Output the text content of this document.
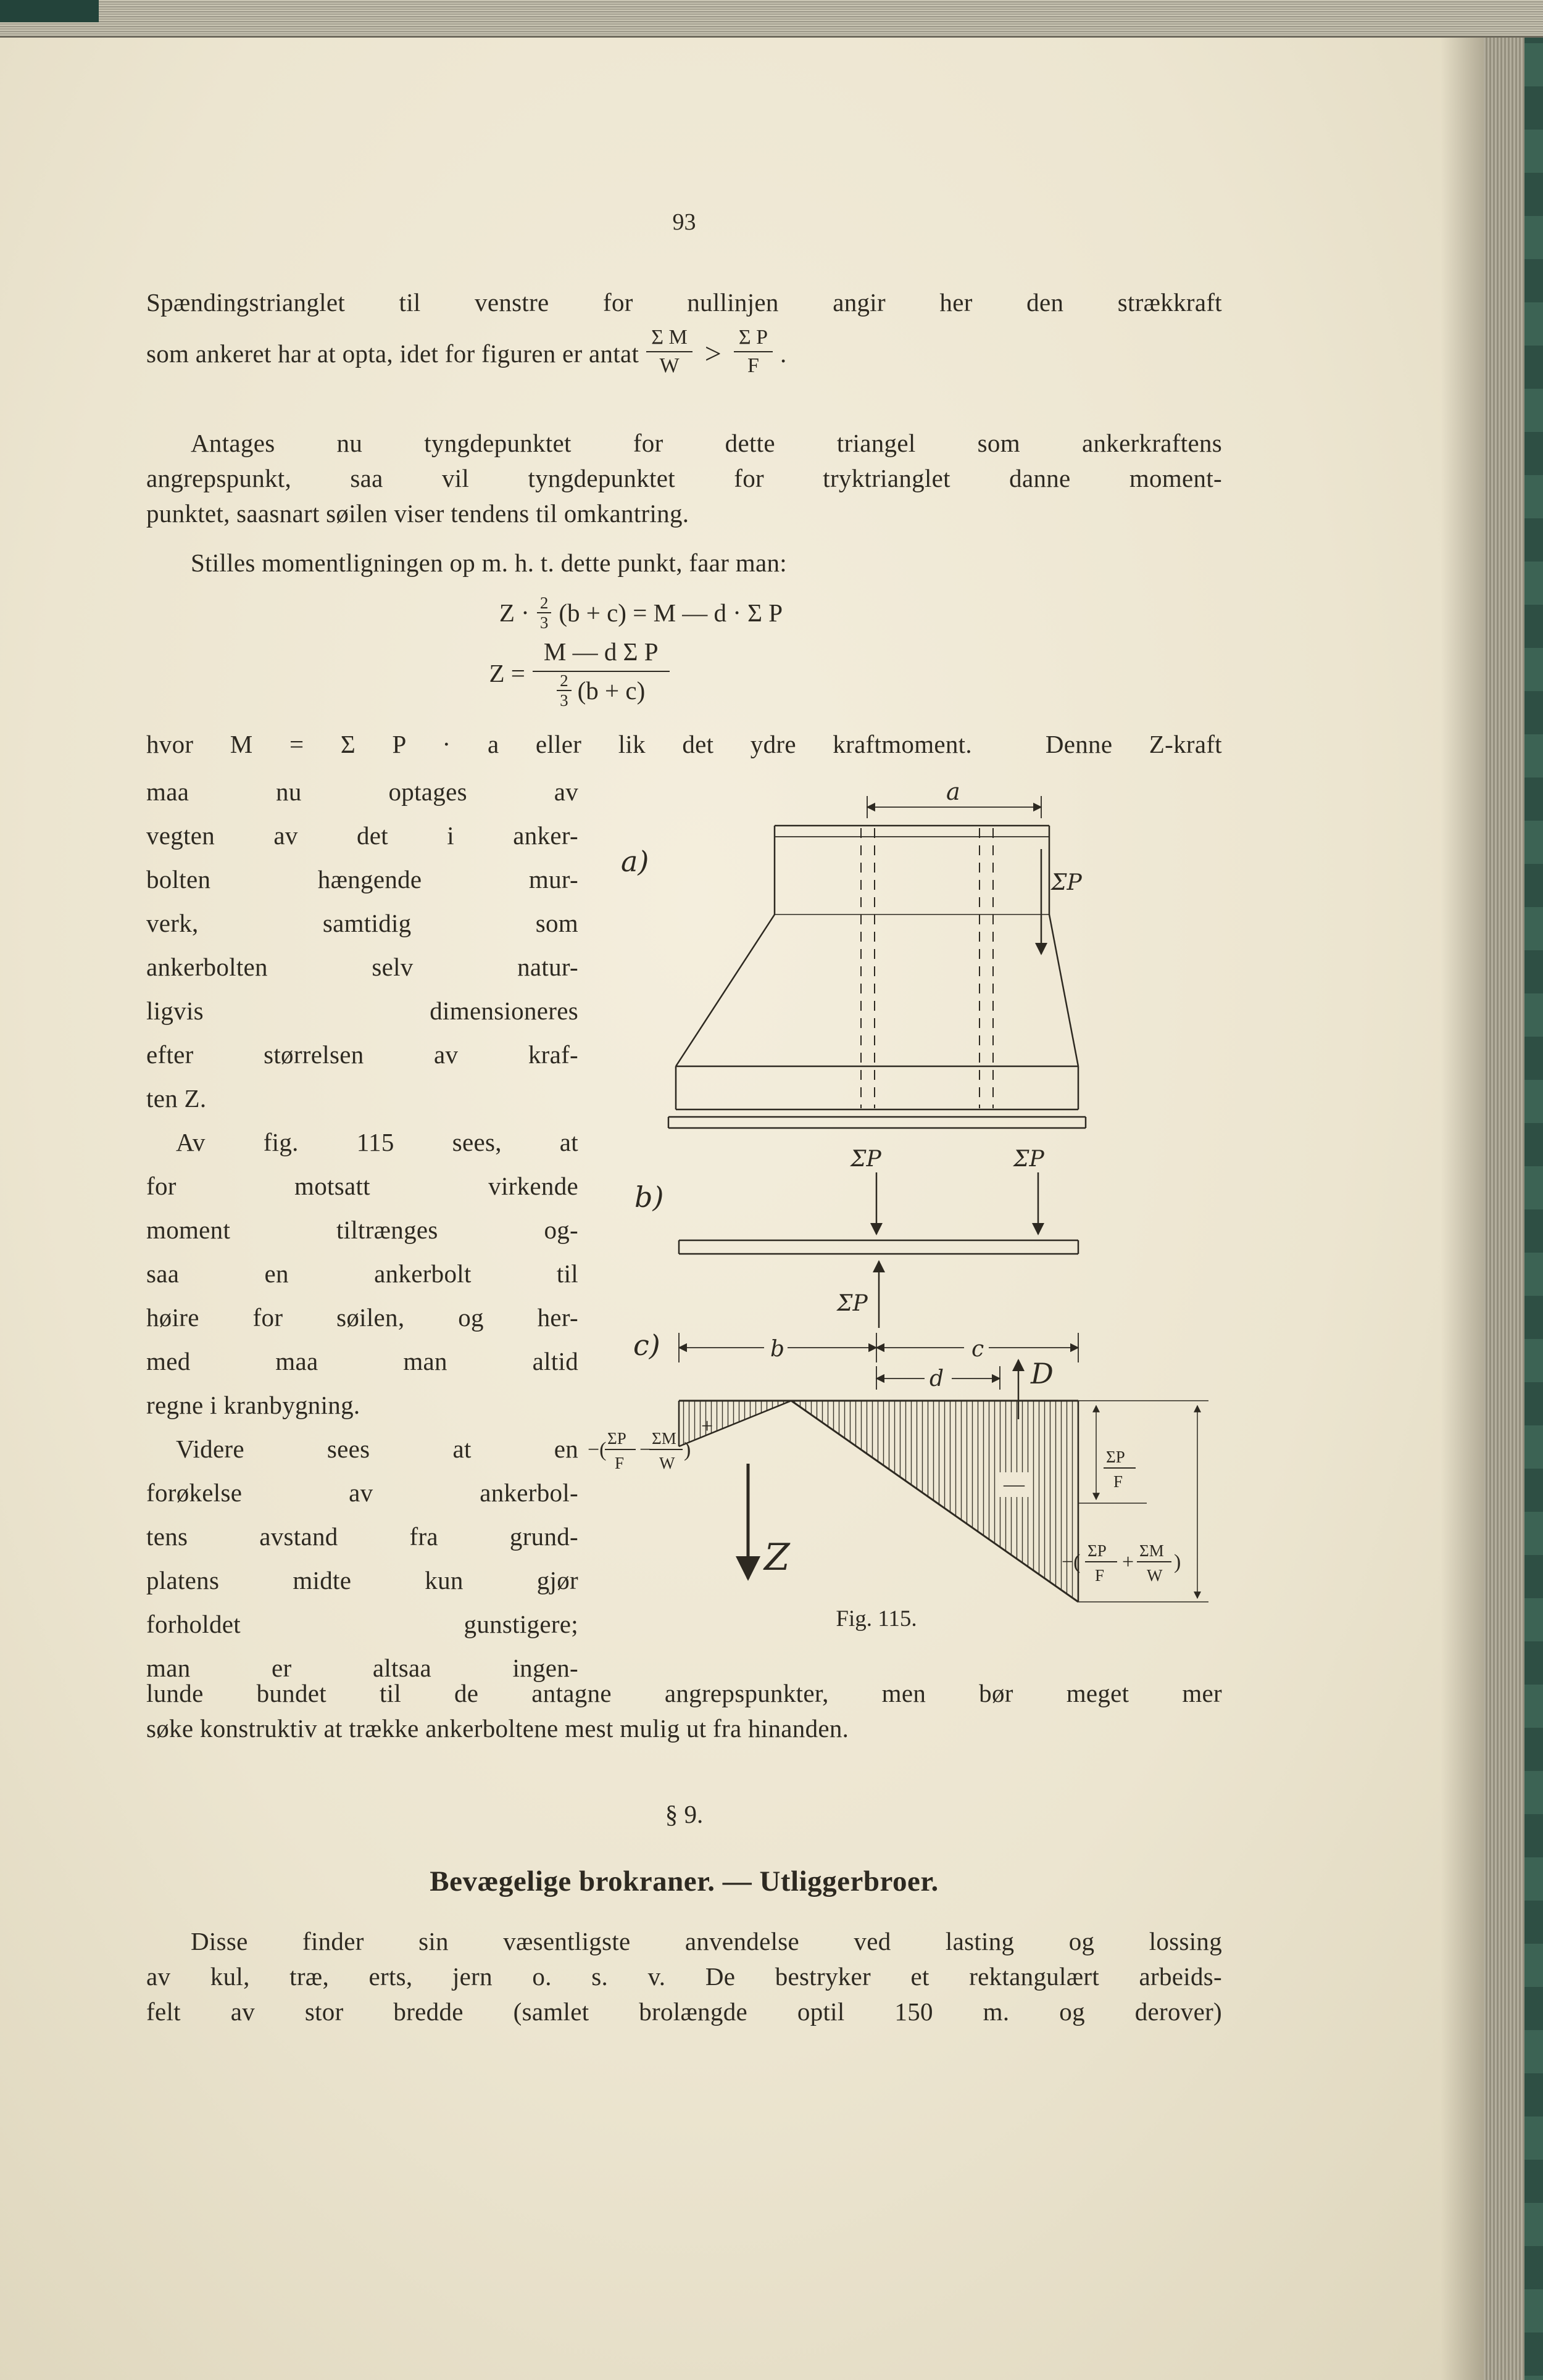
93
Spændingstrianglet til venstre for nullinjen angir her den strækkraft
som ankeret har at opta, idet for figuren er antat $\frac{\text{Σ M}}{W} > \frac{\text{Σ P}}{F}$ .
Antages nu tyngdepunktet for dette triangel som ankerkraftens
angrepspunkt, saa vil tyngdepunktet for tryktrianglet danne moment-
punktet, saasnart søilen viser tendens til omkantring.
Stilles momentligningen op m. h. t. dette punkt, faar man:
$Z \cdot \frac{2}{3} (b + c) = M$ — d · Σ P
$Z = \frac{\text{M — d Σ P}}{\frac{2}{3} (b + c)}$
hvor M = Σ P · a eller lik det ydre kraftmoment.  Denne Z-kraft
maa nu optages av
vegten av det i anker-
bolten hængende mur-
verk, samtidig som
ankerbolten selv natur-
ligvis dimensioneres
efter størrelsen av kraf-
ten Z.
Av fig. 115 sees, at
for motsatt virkende
moment tiltrænges og-
saa en ankerbolt til
høire for søilen, og her-
med maa man altid
regne i kranbygning.
Videre sees at en
forøkelse av ankerbol-
tens avstand fra grund-
platens midte kun gjør
forholdet gunstigere;
man er altsaa ingen-
lunde bundet til de antagne angrepspunkter, men bør meget mer
søke konstruktiv at trække ankerboltene mest mulig ut fra hinanden.
a)
a
ΣP
b)
ΣP	ΣP
ΣP
c)	b	c
d	D
Z
+
—
−( ΣP
F
− ΣM
W
)	ΣP
F
−( ΣP
F
+ ΣM
W
)
Fig. 115.
§ 9.
Bevægelige brokraner. — Utliggerbroer.
Disse finder sin væsentligste anvendelse ved lasting og lossing
av kul, træ, erts, jern o. s. v. De bestryker et rektangulært arbeids-
felt av stor bredde (samlet brolængde optil 150 m. og derover)
